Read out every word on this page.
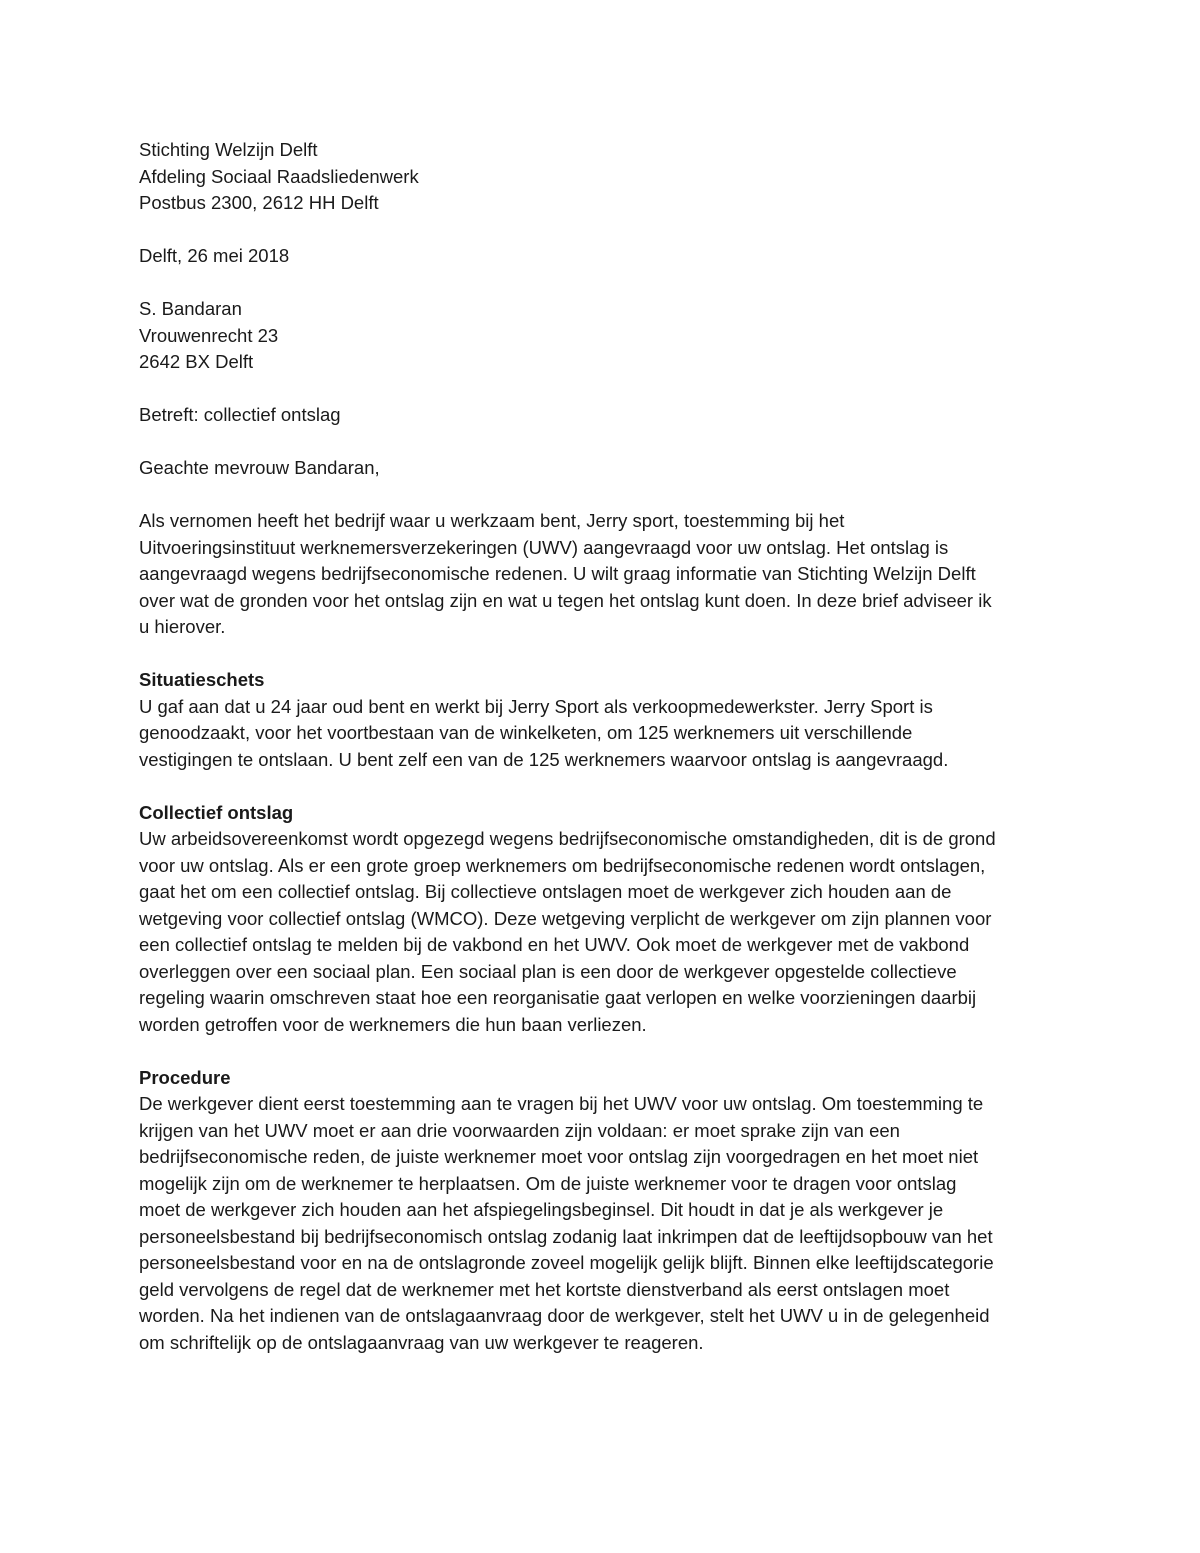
Stichting Welzijn Delft
Afdeling Sociaal Raadsliedenwerk
Postbus 2300, 2612 HH Delft
Delft, 26 mei 2018
S. Bandaran
Vrouwenrecht 23
2642 BX Delft
Betreft: collectief ontslag
Geachte mevrouw Bandaran,
Als vernomen heeft het bedrijf waar u werkzaam bent, Jerry sport, toestemming bij het
Uitvoeringsinstituut werknemersverzekeringen (UWV) aangevraagd voor uw ontslag. Het ontslag is
aangevraagd wegens bedrijfseconomische redenen. U wilt graag informatie van Stichting Welzijn Delft
over wat de gronden voor het ontslag zijn en wat u tegen het ontslag kunt doen. In deze brief adviseer ik
u hierover.
Situatieschets
U gaf aan dat u 24 jaar oud bent en werkt bij Jerry Sport als verkoopmedewerkster. Jerry Sport is
genoodzaakt, voor het voortbestaan van de winkelketen, om 125 werknemers uit verschillende
vestigingen te ontslaan. U bent zelf een van de 125 werknemers waarvoor ontslag is aangevraagd.
Collectief ontslag
Uw arbeidsovereenkomst wordt opgezegd wegens bedrijfseconomische omstandigheden, dit is de grond
voor uw ontslag. Als er een grote groep werknemers om bedrijfseconomische redenen wordt ontslagen,
gaat het om een collectief ontslag. Bij collectieve ontslagen moet de werkgever zich houden aan de
wetgeving voor collectief ontslag (WMCO). Deze wetgeving verplicht de werkgever om zijn plannen voor
een collectief ontslag te melden bij de vakbond en het UWV. Ook moet de werkgever met de vakbond
overleggen over een sociaal plan. Een sociaal plan is een door de werkgever opgestelde collectieve
regeling waarin omschreven staat hoe een reorganisatie gaat verlopen en welke voorzieningen daarbij
worden getroffen voor de werknemers die hun baan verliezen.
Procedure
De werkgever dient eerst toestemming aan te vragen bij het UWV voor uw ontslag. Om toestemming te
krijgen van het UWV moet er aan drie voorwaarden zijn voldaan: er moet sprake zijn van een
bedrijfseconomische reden, de juiste werknemer moet voor ontslag zijn voorgedragen en het moet niet
mogelijk zijn om de werknemer te herplaatsen. Om de juiste werknemer voor te dragen voor ontslag
moet de werkgever zich houden aan het afspiegelingsbeginsel. Dit houdt in dat je als werkgever je
personeelsbestand bij bedrijfseconomisch ontslag zodanig laat inkrimpen dat de leeftijdsopbouw van het
personeelsbestand voor en na de ontslagronde zoveel mogelijk gelijk blijft. Binnen elke leeftijdscategorie
geld vervolgens de regel dat de werknemer met het kortste dienstverband als eerst ontslagen moet
worden. Na het indienen van de ontslagaanvraag door de werkgever, stelt het UWV u in de gelegenheid
om schriftelijk op de ontslagaanvraag van uw werkgever te reageren.
